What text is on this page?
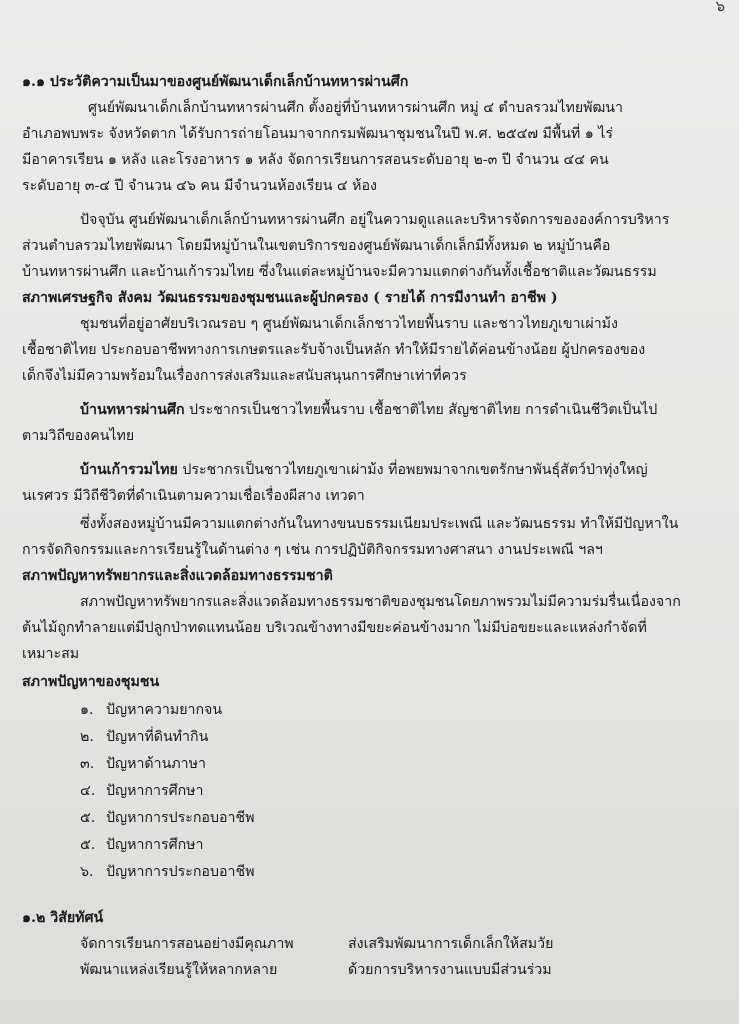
๖
๑.๑ ประวัติความเป็นมาของศูนย์พัฒนาเด็กเล็กบ้านทหารผ่านศึก
ศูนย์พัฒนาเด็กเล็กบ้านทหารผ่านศึก ตั้งอยู่ที่บ้านทหารผ่านศึก หมู่ ๔ ตำบลรวมไทยพัฒนา
อำเภอพบพระ จังหวัดตาก ได้รับการถ่ายโอนมาจากกรมพัฒนาชุมชนในปี พ.ศ. ๒๕๔๗ มีพื้นที่ ๑ ไร่
มีอาคารเรียน ๑ หลัง และโรงอาหาร ๑ หลัง จัดการเรียนการสอนระดับอายุ ๒-๓ ปี จำนวน ๔๔ คน
ระดับอายุ ๓-๔ ปี จำนวน ๔๖ คน มีจำนวนห้องเรียน ๔ ห้อง
ปัจจุบัน ศูนย์พัฒนาเด็กเล็กบ้านทหารผ่านศึก อยู่ในความดูแลและบริหารจัดการขององค์การบริหาร
ส่วนตำบลรวมไทยพัฒนา โดยมีหมู่บ้านในเขตบริการของศูนย์พัฒนาเด็กเล็กมีทั้งหมด ๒ หมู่บ้านคือ
บ้านทหารผ่านศึก และบ้านเก้ารวมไทย ซึ่งในแต่ละหมู่บ้านจะมีความแตกต่างกันทั้งเชื้อชาติและวัฒนธรรม
สภาพเศรษฐกิจ สังคม วัฒนธรรมของชุมชนและผู้ปกครอง ( รายได้ การมีงานทำ อาชีพ )
ชุมชนที่อยู่อาศัยบริเวณรอบ ๆ ศูนย์พัฒนาเด็กเล็กชาวไทยพื้นราบ และชาวไทยภูเขาเผ่าม้ง
เชื้อชาติไทย ประกอบอาชีพทางการเกษตรและรับจ้างเป็นหลัก ทำให้มีรายได้ค่อนข้างน้อย ผู้ปกครองของ
เด็กจึงไม่มีความพร้อมในเรื่องการส่งเสริมและสนับสนุนการศึกษาเท่าที่ควร
บ้านทหารผ่านศึก ประชากรเป็นชาวไทยพื้นราบ เชื้อชาติไทย สัญชาติไทย การดำเนินชีวิตเป็นไป
ตามวิถีของคนไทย
บ้านเก้ารวมไทย ประชากรเป็นชาวไทยภูเขาเผ่าม้ง ที่อพยพมาจากเขตรักษาพันธุ์สัตว์ป่าทุ่งใหญ่
นเรศวร มีวิถีชีวิตที่ดำเนินตามความเชื่อเรื่องผีสาง เทวดา
ซึ่งทั้งสองหมู่บ้านมีความแตกต่างกันในทางขนบธรรมเนียมประเพณี และวัฒนธรรม ทำให้มีปัญหาใน
การจัดกิจกรรมและการเรียนรู้ในด้านต่าง ๆ เช่น การปฏิบัติกิจกรรมทางศาสนา งานประเพณี ฯลฯ
สภาพปัญหาทรัพยากรและสิ่งแวดล้อมทางธรรมชาติ
สภาพปัญหาทรัพยากรและสิ่งแวดล้อมทางธรรมชาติของชุมชนโดยภาพรวมไม่มีความร่มรื่นเนื่องจาก
ต้นไม้ถูกทำลายแต่มีปลูกป่าทดแทนน้อย บริเวณข้างทางมีขยะค่อนข้างมาก ไม่มีบ่อขยะและแหล่งกำจัดที่
เหมาะสม
สภาพปัญหาของชุมชน
๑. ปัญหาความยากจน
๒. ปัญหาที่ดินทำกิน
๓. ปัญหาด้านภาษา
๔. ปัญหาการศึกษา
๕. ปัญหาการประกอบอาชีพ
๕. ปัญหาการศึกษา
๖. ปัญหาการประกอบอาชีพ
๑.๒ วิสัยทัศน์
จัดการเรียนการสอนอย่างมีคุณภาพ	ส่งเสริมพัฒนาการเด็กเล็กให้สมวัย
พัฒนาแหล่งเรียนรู้ให้หลากหลาย	ด้วยการบริหารงานแบบมีส่วนร่วม
